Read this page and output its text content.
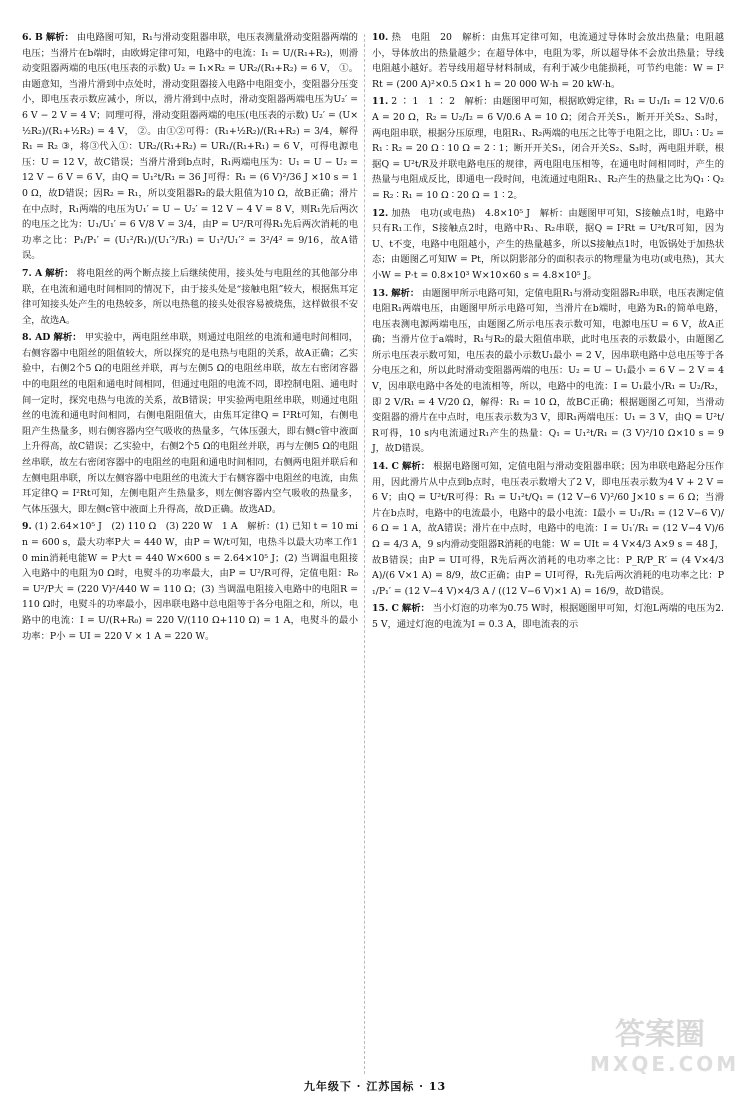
6. B 解析： 由电路图可知，R₁与滑动变阻器串联，电压表测量滑动变阻器两端的电压；当滑片在b端时，由欧姆定律可知，电路中的电流：I₁ = U/(R₁+R₂)，则滑动变阻器两端的电压(电压表的示数) U₂ = I₁×R₂ = UR₂/(R₁+R₂) = 6 V， ①。由题意知，当滑片滑到中点处时，滑动变阻器接入电路中电阻变小，变阻器分压变小，即电压表示数应减小，所以，滑片滑到中点时，滑动变阻器两端电压为U₂′ = 6 V − 2 V = 4 V；同理可得，滑动变阻器两端的电压(电压表的示数) U₂′ = (U×½R₂)/(R₁+½R₂) = 4 V， ②。由①②可得：(R₁+½R₂)/(R₁+R₂) = 3/4，解得R₁ = R₂ ③，将③代入①：UR₂/(R₁+R₂) = UR₁/(R₁+R₁) = 6 V，可得电源电压：U = 12 V，故C错误；当滑片滑到b点时，R₁两端电压为：U₁ = U − U₂ = 12 V − 6 V = 6 V，由Q = U₁²t/R₁ = 36 J可得：R₁ = (6 V)²/36 J ×10 s = 10 Ω，故D错误；因R₂ = R₁，所以变阻器R₂的最大阻值为10 Ω，故B正确；滑片在中点时，R₁两端的电压为U₁′ = U − U₂′ = 12 V − 4 V = 8 V，则R₁先后两次的电压之比为：U₁/U₁′ = 6 V/8 V = 3/4，由P = U²/R可得R₁先后两次消耗的电功率之比：P₁/P₁′ = (U₁²/R₁)/(U₁′²/R₁) = U₁²/U₁′² = 3²/4² = 9/16，故A错误。

7. A 解析： 将电阻丝的两个断点接上后继续使用，接头处与电阻丝的其他部分串联，在电流和通电时间相同的情况下，由于接头处是“接触电阻”较大，根据焦耳定律可知接头处产生的电热较多，所以电热毯的接头处很容易被烧焦，这样做很不安全，故选A。

8. AD 解析： 甲实验中，两电阻丝串联，则通过电阻丝的电流和通电时间相同，右侧容器中电阻丝的阻值较大，所以探究的是电热与电阻的关系，故A正确；乙实验中，右侧2个5 Ω的电阻丝并联，再与左侧5 Ω的电阻丝串联，故左右密闭容器中的电阻丝的电阻和通电时间相同，但通过电阻的电流不同，即控制电阻、通电时间一定时，探究电热与电流的关系，故B错误；甲实验两电阻丝串联，则通过电阻丝的电流和通电时间相同，右侧电阻阻值大，由焦耳定律Q = I²Rt可知，右侧电阻产生热量多，则右侧容器内空气吸收的热量多，气体压强大，即右侧c管中液面上升得高，故C错误；乙实验中，右侧2个5 Ω的电阻丝并联，再与左侧5 Ω的电阻丝串联，故左右密闭容器中的电阻丝的电阻和通电时间相同，右侧两电阻并联后和左侧电阻串联，所以左侧容器中电阻丝的电流大于右侧容器中电阻丝的电流，由焦耳定律Q = I²Rt可知，左侧电阻产生热量多，则左侧容器内空气吸收的热量多，气体压强大，即左侧c管中液面上升得高，故D正确。故选AD。

9. (1) 2.64×10⁵ J　(2) 110 Ω　(3) 220 W　1 A　解析：(1) 已知 t = 10 min = 600 s，最大功率P大 = 440 W，由P = W/t可知，电热斗以最大功率工作10 min消耗电能W = P大t = 440 W×600 s = 2.64×10⁵ J；(2) 当调温电阻接入电路中的电阻为0 Ω时，电熨斗的功率最大，由P = U²/R可得，定值电阻：R₀ = U²/P大 = (220 V)²/440 W = 110 Ω；(3) 当调温电阻接入电路中的电阻R = 110 Ω时，电熨斗的功率最小，因串联电路中总电阻等于各分电阻之和，所以，电路中的电流：I = U/(R+R₀) = 220 V/(110 Ω+110 Ω) = 1 A，电熨斗的最小功率：P小 = UI = 220 V × 1 A = 220 W。

10. 热　电阻　20　解析：由焦耳定律可知，电流通过导体时会放出热量；电阻越小，导体放出的热量越少；在超导体中，电阻为零，所以超导体不会放出热量；导线电阻越小越好。若导线用超导材料制成，有利于减少电能损耗，可节约电能：W = I²Rt = (200 A)²×0.5 Ω×1 h = 20 000 W·h = 20 kW·h。

11. 2 ∶ 1　1 ∶ 2　解析：由题图甲可知，根据欧姆定律，R₁ = U₁/I₁ = 12 V/0.6 A = 20 Ω，R₂ = U₂/I₂ = 6 V/0.6 A = 10 Ω；闭合开关S₁，断开开关S₂、S₃时，两电阻串联，根据分压原理，电阻R₁、R₂两端的电压之比等于电阻之比，即U₁ ∶ U₂ = R₁ ∶ R₂ = 20 Ω ∶ 10 Ω = 2 ∶ 1；断开开关S₁，闭合开关S₂、S₃时，两电阻并联，根据Q = U²t/R及并联电路电压的规律，两电阻电压相等，在通电时间相同时，产生的热量与电阻成反比，即通电一段时间，电流通过电阻R₁、R₂产生的热量之比为Q₁ ∶ Q₂ = R₂ ∶ R₁ = 10 Ω ∶ 20 Ω = 1 ∶ 2。

12. 加热　电功(或电热)　4.8×10⁵ J　解析：由题图甲可知，S接触点1时，电路中只有R₁工作，S接触点2时，电路中R₁、R₂串联，据Q = I²Rt = U²t/R可知，因为U、t不变，电路中电阻越小，产生的热量越多，所以S接触点1时，电饭锅处于加热状态；由题图乙可知W = Pt，所以阴影部分的面积表示的物理量为电功(或电热)，其大小W = P·t = 0.8×10³ W×10×60 s = 4.8×10⁵ J。

13. 解析： 由题图甲所示电路可知，定值电阻R₁与滑动变阻器R₂串联，电压表测定值电阻R₁两端电压，由题图甲所示电路可知，当滑片在b端时，电路为R₁的简单电路，电压表测电源两端电压，由题图乙所示电压表示数可知，电源电压U = 6 V，故A正确；当滑片位于a端时，R₁与R₂的最大阻值串联，此时电压表的示数最小，由题图乙所示电压表示数可知，电压表的最小示数U₁最小 = 2 V，因串联电路中总电压等于各分电压之和，所以此时滑动变阻器两端的电压：U₂ = U − U₁最小 = 6 V − 2 V = 4 V，因串联电路中各处的电流相等，所以，电路中的电流：I = U₁最小/R₁ = U₂/R₂，即 2 V/R₁ = 4 V/20 Ω，解得：R₁ = 10 Ω，故BC正确；根据题图乙可知，当滑动变阻器的滑片在中点时，电压表示数为3 V，即R₁两端电压：U₁ = 3 V，由Q = U²t/R可得，10 s内电流通过R₁产生的热量：Q₁ = U₁²t/R₁ = (3 V)²/10 Ω×10 s = 9 J，故D错误。

14. C 解析： 根据电路图可知，定值电阻与滑动变阻器串联；因为串联电路起分压作用，因此滑片从中点到b点时，电压表示数增大了2 V，即电压表示数为4 V + 2 V = 6 V；由Q = U²t/R可得：R₁ = U₁²t/Q₁ = (12 V−6 V)²/60 J×10 s = 6 Ω；当滑片在b点时，电路中的电流最小，电路中的最小电流：I最小 = U₁/R₁ = (12 V−6 V)/6 Ω = 1 A，故A错误；滑片在中点时，电路中的电流：I = U₁′/R₁ = (12 V−4 V)/6 Ω = 4/3 A，9 s内滑动变阻器R消耗的电能：W = UIt = 4 V×4/3 A×9 s = 48 J，故B错误；由P = UI可得，R先后两次消耗的电功率之比：P_R/P_R′ = (4 V×4/3 A)/(6 V×1 A) = 8/9，故C正确；由P = UI可得，R₁先后两次消耗的电功率之比：P₁/P₁′ = (12 V−4 V)×4/3 A / ((12 V−6 V)×1 A) = 16/9，故D错误。

15. C 解析： 当小灯泡的功率为0.75 W时，根据题图甲可知，灯泡L两端的电压为2.5 V，通过灯泡的电流为I = 0.3 A，即电流表的示

九年级下 · 江苏国标 · 13
答案圈
MXQE.COM
